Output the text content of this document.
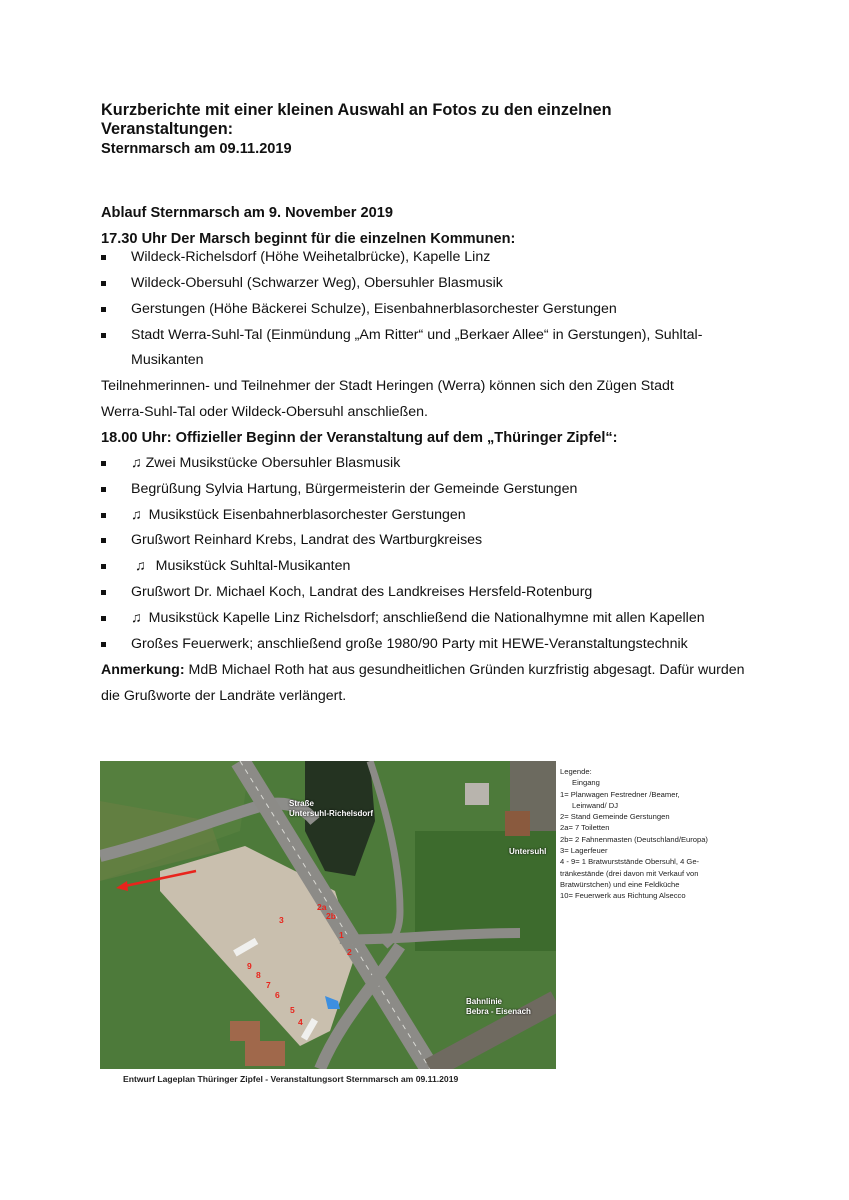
Kurzberichte mit einer kleinen Auswahl an Fotos zu den einzelnen Veranstaltungen:
Sternmarsch am 09.11.2019
Ablauf Sternmarsch am 9. November 2019
17.30 Uhr Der Marsch beginnt für die einzelnen Kommunen:
Wildeck-Richelsdorf (Höhe Weihetalbrücke), Kapelle Linz
Wildeck-Obersuhl (Schwarzer Weg), Obersuhler Blasmusik
Gerstungen (Höhe Bäckerei Schulze), Eisenbahnerblasorchester Gerstungen
Stadt Werra-Suhl-Tal (Einmündung „Am Ritter“ und „Berkaer Allee“ in Gerstungen), Suhltal-
Musikanten
Teilnehmerinnen- und Teilnehmer der Stadt Heringen (Werra) können sich den Zügen Stadt
Werra-Suhl-Tal oder Wildeck-Obersuhl anschließen.
18.00 Uhr: Offizieller Beginn der Veranstaltung auf dem „Thüringer Zipfel“:
♫ Zwei Musikstücke Obersuhler Blasmusik
Begrüßung Sylvia Hartung, Bürgermeisterin der Gemeinde Gerstungen
♫ Musikstück Eisenbahnerblasorchester Gerstungen
Grußwort Reinhard Krebs, Landrat des Wartburgkreises
♫ Musikstück Suhltal-Musikanten
Grußwort Dr. Michael Koch, Landrat des Landkreises Hersfeld-Rotenburg
♫ Musikstück Kapelle Linz Richelsdorf; anschließend die Nationalhymne mit allen Kapellen
Großes Feuerwerk; anschließend große 1980/90 Party mit HEWE-Veranstaltungstechnik
Anmerkung: MdB Michael Roth hat aus gesundheitlichen Gründen kurzfristig abgesagt. Dafür wurden
die Grußworte der Landräte verlängert.
Straße
Untersuhl-Richelsdorf
Untersuhl
Bahnlinie
Bebra - Eisenach
2a
2b
1
2
3
9
8
7
6
5
4
Legende:
Eingang
1= Planwagen Festredner /Beamer,
Leinwand/ DJ
2= Stand Gemeinde Gerstungen
2a= 7 Toiletten
2b= 2 Fahnenmasten (Deutschland/Europa)
3= Lagerfeuer
4 - 9= 1 Bratwurststände Obersuhl, 4 Ge-
tränkestände (drei davon mit Verkauf von
Bratwürstchen) und eine Feldküche
10= Feuerwerk aus Richtung Alsecco
Entwurf Lageplan Thüringer Zipfel - Veranstaltungsort Sternmarsch am 09.11.2019
